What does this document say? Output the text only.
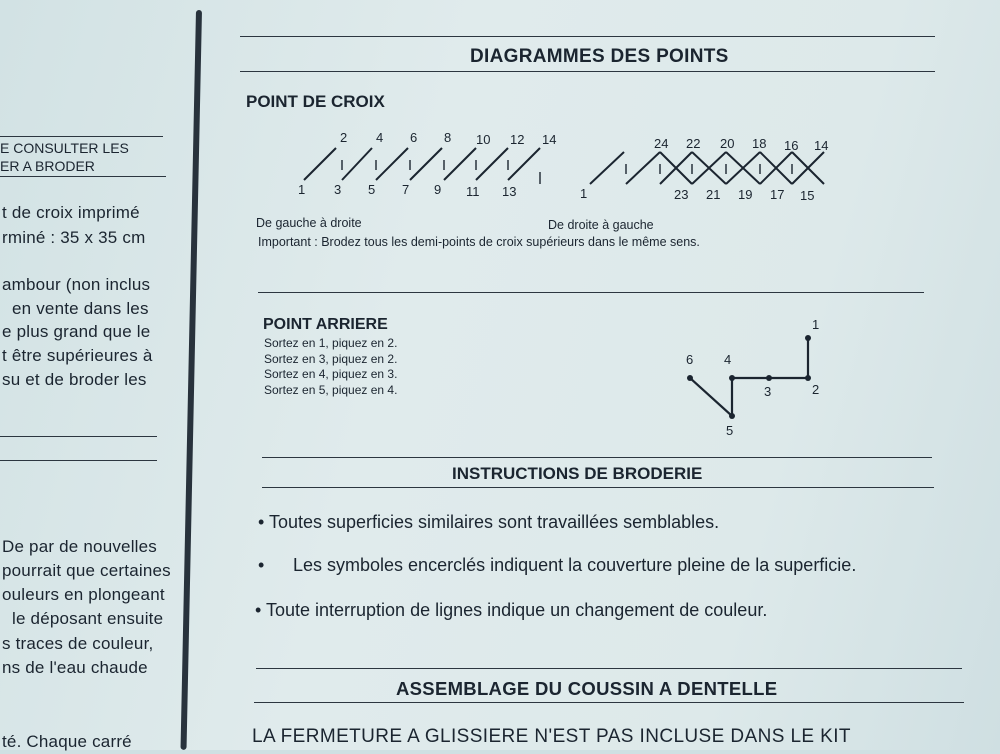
E CONSULTER LES
ER A BRODER
t de croix imprimé
rminé : 35 x 35 cm
ambour (non inclus
en vente dans les
e plus grand que le
t être supérieures à
su et de broder les
De par de nouvelles
pourrait que certaines
ouleurs en plongeant
le déposant ensuite
s traces de couleur,
ns de l'eau chaude
té. Chaque carré
DIAGRAMMES DES POINTS
POINT DE CROIX
2 4 6 8 10 12 14
1 3 5 7 9 11 13
24 22 20 18 16 14
1	23 21 19 17 15
De gauche à droite	De droite à gauche
Important : Brodez tous les demi-points de croix supérieurs dans le même sens.
POINT ARRIERE
Sortez en 1, piquez en 2.
Sortez en 3, piquez en 2.
Sortez en 4, piquez en 3.
Sortez en 5, piquez en 4.
1
2
3
4
5
6
INSTRUCTIONS DE BRODERIE
• Toutes superficies similaires sont travaillées semblables.
• Les symboles encerclés indiquent la couverture pleine de la superficie.
• Toute interruption de lignes indique un changement de couleur.
ASSEMBLAGE DU COUSSIN A DENTELLE
LA FERMETURE A GLISSIERE N'EST PAS INCLUSE DANS LE KIT
